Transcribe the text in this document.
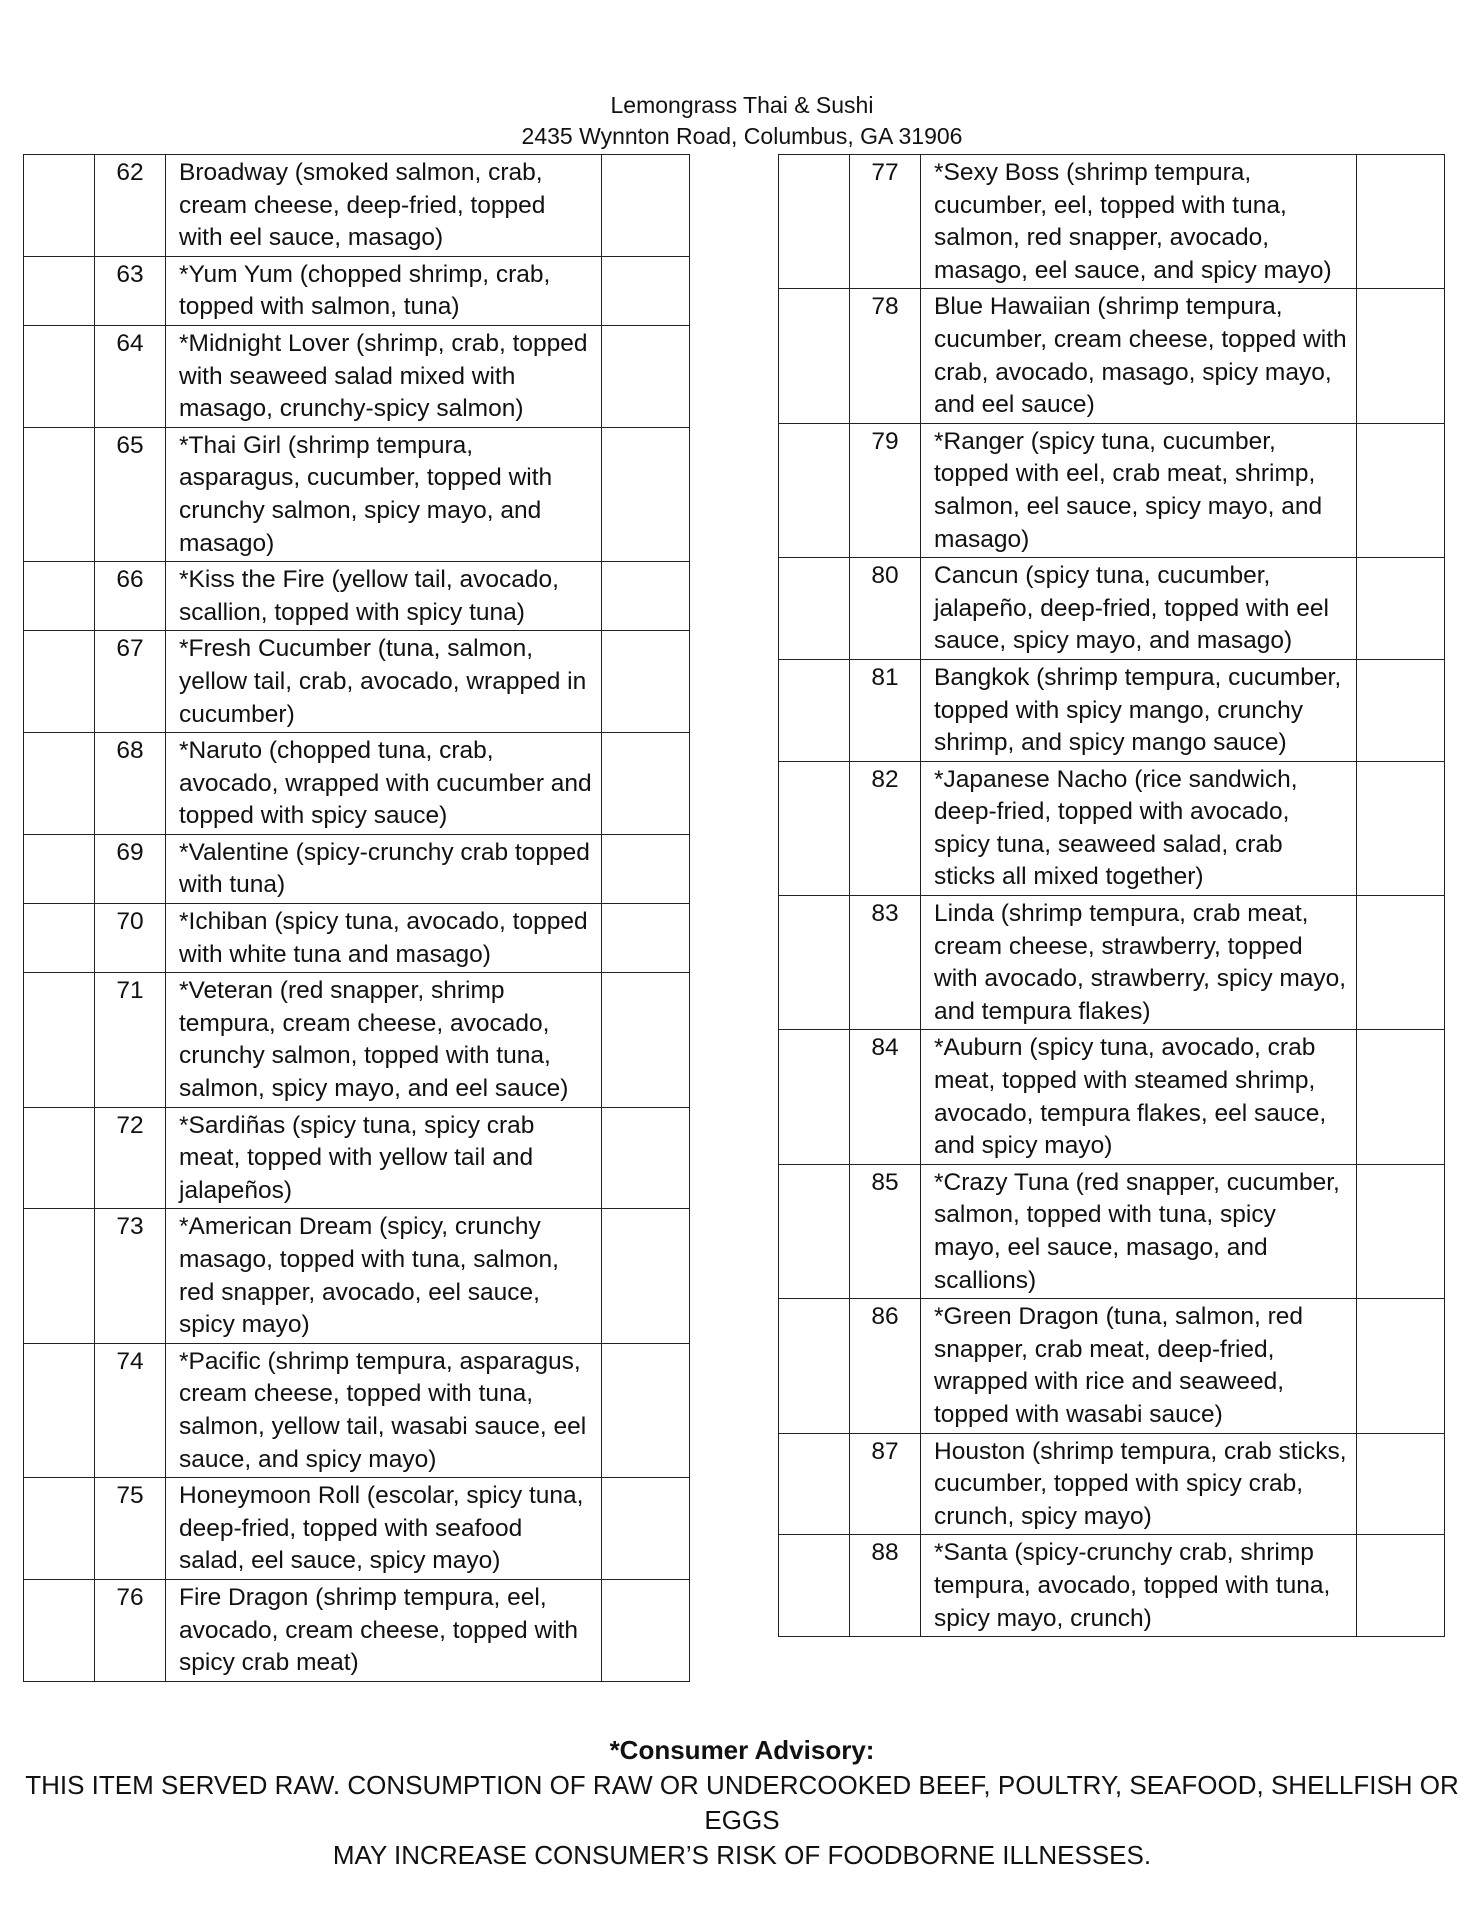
Lemongrass Thai & Sushi
2435 Wynnton Road, Columbus, GA 31906
	62	Broadway (smoked salmon, crab, cream cheese, deep-fried, topped with eel sauce, masago)	
	63	*Yum Yum (chopped shrimp, crab, topped with salmon, tuna)	
	64	*Midnight Lover (shrimp, crab, topped with seaweed salad mixed with masago, crunchy-spicy salmon)	
	65	*Thai Girl (shrimp tempura, asparagus, cucumber, topped with crunchy salmon, spicy mayo, and masago)	
	66	*Kiss the Fire (yellow tail, avocado, scallion, topped with spicy tuna)	
	67	*Fresh Cucumber (tuna, salmon, yellow tail, crab, avocado, wrapped in cucumber)	
	68	*Naruto (chopped tuna, crab, avocado, wrapped with cucumber and topped with spicy sauce)	
	69	*Valentine (spicy-crunchy crab topped with tuna)	
	70	*Ichiban (spicy tuna, avocado, topped with white tuna and masago)	
	71	*Veteran (red snapper, shrimp tempura, cream cheese, avocado, crunchy salmon, topped with tuna, salmon, spicy mayo, and eel sauce)	
	72	*Sardiñas (spicy tuna, spicy crab meat, topped with yellow tail and jalapeños)	
	73	*American Dream (spicy, crunchy masago, topped with tuna, salmon, red snapper, avocado, eel sauce, spicy mayo)	
	74	*Pacific (shrimp tempura, asparagus, cream cheese, topped with tuna, salmon, yellow tail, wasabi sauce, eel sauce, and spicy mayo)	
	75	Honeymoon Roll (escolar, spicy tuna, deep-fried, topped with seafood salad, eel sauce, spicy mayo)	
	76	Fire Dragon (shrimp tempura, eel, avocado, cream cheese, topped with spicy crab meat)	
	77	*Sexy Boss (shrimp tempura, cucumber, eel, topped with tuna, salmon, red snapper, avocado, masago, eel sauce, and spicy mayo)	
	78	Blue Hawaiian (shrimp tempura, cucumber, cream cheese, topped with crab, avocado, masago, spicy mayo, and eel sauce)	
	79	*Ranger (spicy tuna, cucumber, topped with eel, crab meat, shrimp, salmon, eel sauce, spicy mayo, and masago)	
	80	Cancun (spicy tuna, cucumber, jalapeño, deep-fried, topped with eel sauce, spicy mayo, and masago)	
	81	Bangkok (shrimp tempura, cucumber, topped with spicy mango, crunchy shrimp, and spicy mango sauce)	
	82	*Japanese Nacho (rice sandwich, deep-fried, topped with avocado, spicy tuna, seaweed salad, crab sticks all mixed together)	
	83	Linda (shrimp tempura, crab meat, cream cheese, strawberry, topped with avocado, strawberry, spicy mayo, and tempura flakes)	
	84	*Auburn (spicy tuna, avocado, crab meat, topped with steamed shrimp, avocado, tempura flakes, eel sauce, and spicy mayo)	
	85	*Crazy Tuna (red snapper, cucumber, salmon, topped with tuna, spicy mayo, eel sauce, masago, and scallions)	
	86	*Green Dragon (tuna, salmon, red snapper, crab meat, deep-fried, wrapped with rice and seaweed, topped with wasabi sauce)	
	87	Houston (shrimp tempura, crab sticks, cucumber, topped with spicy crab, crunch, spicy mayo)	
	88	*Santa (spicy-crunchy crab, shrimp tempura, avocado, topped with tuna, spicy mayo, crunch)	
*Consumer Advisory:
THIS ITEM SERVED RAW. CONSUMPTION OF RAW OR UNDERCOOKED BEEF, POULTRY, SEAFOOD, SHELLFISH OR EGGS
MAY INCREASE CONSUMER’S RISK OF FOODBORNE ILLNESSES.
